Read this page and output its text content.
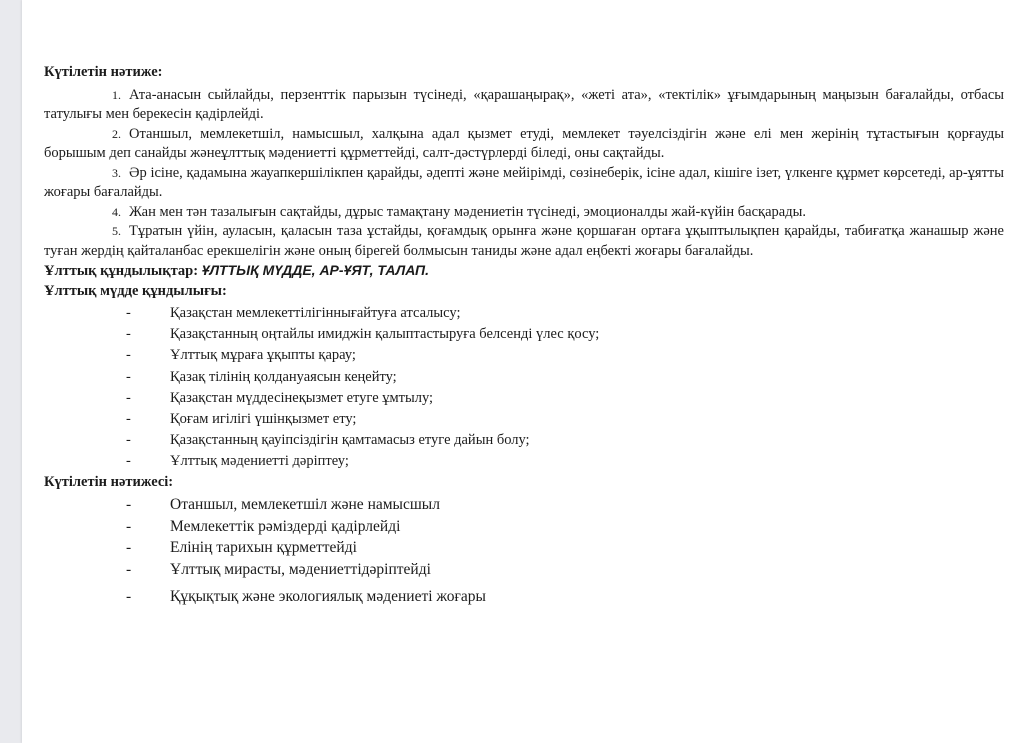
Күтілетін нәтиже:

1. Ата-анасын сыйлайды, перзенттік парызын түсінеді, «қарашаңырақ», «жеті ата», «тектілік» ұғымдарының маңызын бағалайды, отбасы татулығы мен берекесін қадірлейді.
2. Отаншыл, мемлекетшіл, намысшыл, халқына адал қызмет етуді, мемлекет тәуелсіздігін және елі мен жерінің тұтастығын қорғауды борышым деп санайды жәнеұлттық мәдениетті құрметтейді, салт-дәстүрлерді біледі, оны сақтайды.
3. Әр ісіне, қадамына жауапкершілікпен қарайды, әдепті және мейірімді, сөзінеберік, ісіне адал, кішіге ізет, үлкенге құрмет көрсетеді, ар-ұятты жоғары бағалайды.
4. Жан мен тән тазалығын сақтайды, дұрыс тамақтану мәдениетін түсінеді, эмоционалды жай-күйін басқарады.
5. Тұратын үйін, ауласын, қаласын таза ұстайды, қоғамдық орынға және қоршаған ортаға ұқыптылықпен қарайды, табиғатқа жанашыр және туған жердің қайталанбас ерекшелігін және оның бірегей болмысын таниды және адал еңбекті жоғары бағалайды.

Ұлттық құндылықтар: ҰЛТТЫҚ МҮДДЕ, АР-ҰЯТ, ТАЛАП.

Ұлттық мүдде құндылығы:

-	Қазақстан мемлекеттілігіннығайтуға атсалысу;
-	Қазақстанның оңтайлы имиджін қалыптастыруға белсенді үлес қосу;
-	Ұлттық мұраға ұқыпты қарау;
-	Қазақ тілінің қолдануаясын кеңейту;
-	Қазақстан мүддесінеқызмет етуге ұмтылу;
-	Қоғам игілігі үшінқызмет ету;
-	Қазақстанның қауіпсіздігін қамтамасыз етуге дайын болу;
-	Ұлттық мәдениетті дәріптеу;

Күтілетін нәтижесі:

-	Отаншыл, мемлекетшіл және намысшыл
-	Мемлекеттік рәміздерді қадірлейді
-	Елінің тарихын құрметтейді
-	Ұлттық мирасты, мәдениеттідәріптейді
-	Құқықтық және экологиялық мәдениеті жоғары
